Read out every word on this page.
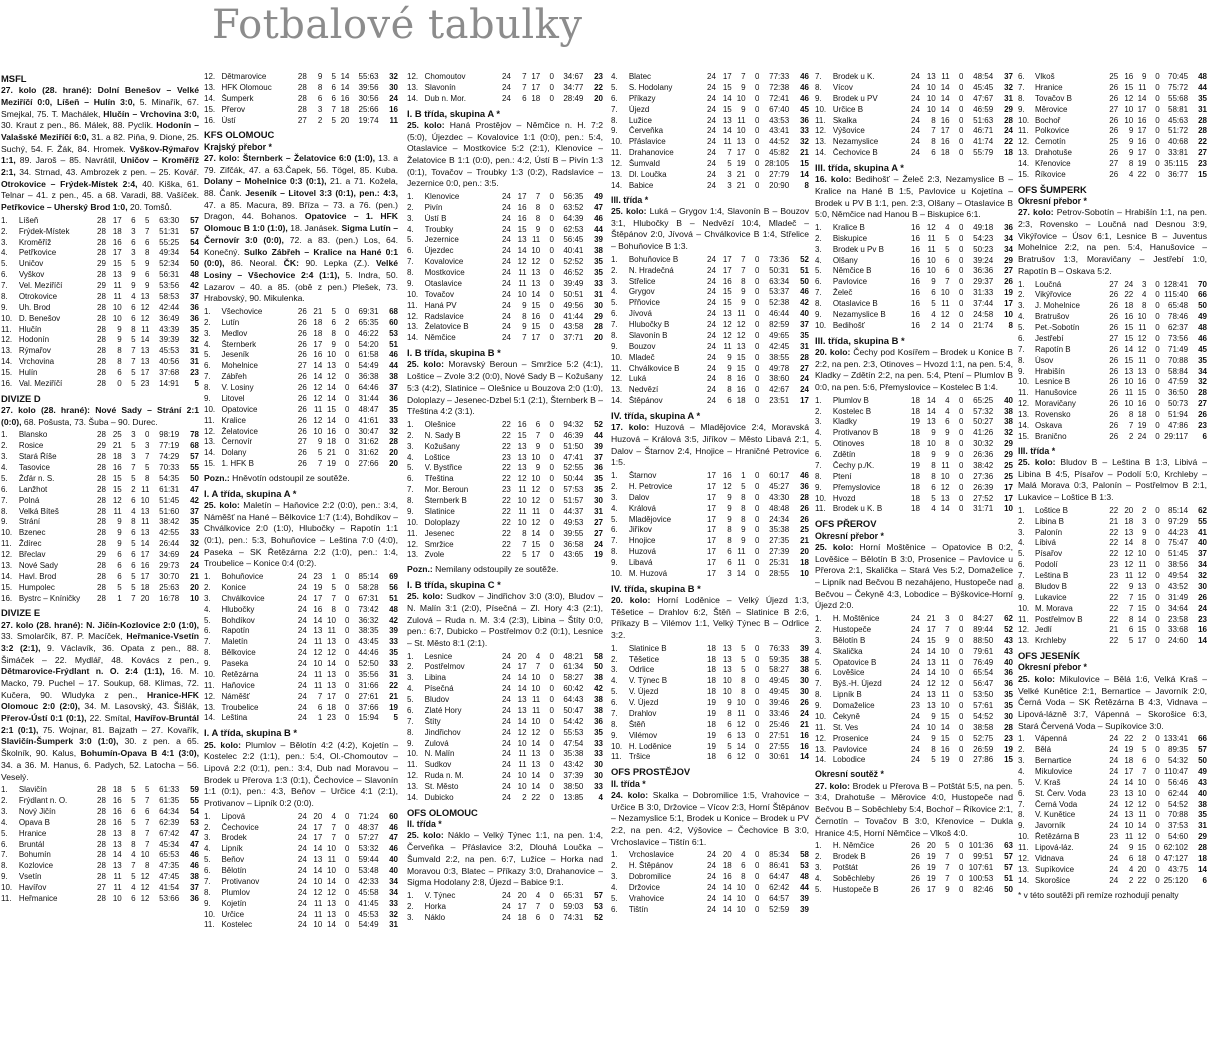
Fotbalové tabulky
MSFL

27. kolo (28. hrané): Dolní Benešov – Velké Meziříčí 0:0, Líšeň – Hulín 3:0, 5. Minařík, 67. Smejkal, 75. T. Machálek, Hlučín – Vrchovina 3:0, 30. Kraut z pen., 86. Málek, 88. Pyclík. Hodonín – Valašské Meziříčí 6:0, 31. a 82. Piňa, 9. Dione, 25. Suchý, 54. F. Žák, 84. Hromek. Vyškov-Rýmařov 1:1, 89. Jaroš – 85. Navrátil, Uničov – Kroměříž 2:1, 34. Strnad, 43. Ambrozek z pen. – 25. Kovář. Otrokovice – Frýdek-Místek 2:4, 40. Kiška, 61. Telnar – 41. z pen., 45. a 68. Varadi, 88. Vašíček. Petřkovice – Uherský Brod 1:0, 20. Tomšů.

1.	Líšeň	28	17	6	5	63:30	57
2.	Frýdek-Místek	28	18	3	7	51:31	57
3.	Kroměříž	28	16	6	6	55:25	54
4.	Petřkovice	28	17	3	8	49:34	54
5.	Uničov	29	15	5	9	52:34	50
6.	Vyškov	28	13	9	6	56:31	48
7.	Vel. Meziříčí	29	11	9	9	53:56	42
8.	Otrokovice	28	11	4	13	58:53	37
9.	Uh. Brod	28	10	6	12	42:44	36
10.	D. Benešov	28	10	6	12	36:49	36
11.	Hlučín	28	9	8	11	43:39	35
12.	Hodonín	28	9	5	14	39:39	32
13.	Rýmařov	28	8	7	13	45:53	31
14.	Vrchovina	28	8	7	13	40:56	31
15.	Hulín	28	6	5	17	37:68	23
16.	Val. Meziříčí	28	0	5	23	14:91	5
DIVIZE D

27. kolo (28. hrané): Nové Sady – Strání 2:1 (0:0), 68. Pošusta, 73. Šuba – 90. Durec.

1.	Blansko	28	25	3	0	98:19	78
2.	Rosice	29	21	5	3	77:19	68
3.	Stará Říše	28	18	3	7	74:29	57
4.	Tasovice	28	16	7	5	70:33	55
5.	Žďár n. S.	28	15	5	8	54:35	50
6.	Lanžhot	28	15	2	11	61:31	47
7.	Polná	28	12	6	10	51:45	42
8.	Velká Bíteš	28	11	4	13	51:60	37
9.	Strání	28	9	8	11	38:42	35
10.	Bzenec	28	9	6	13	42:55	33
11.	Ždírec	28	9	5	14	26:44	32
12.	Břeclav	29	6	6	17	34:69	24
13.	Nové Sady	28	6	6	16	29:73	24
14.	Havl. Brod	28	6	5	17	30:70	21
15.	Humpolec	28	5	5	18	25:63	20
16.	Bystrc – Kníničky	28	1	7	20	16:78	10
DIVIZE E

27. kolo (28. hrané): N. Jičín-Kozlovice 2:0 (1:0), 33. Smolarčík, 87. P. Macíček, Heřmanice-Vsetín 3:2 (2:1), 9. Václavík, 36. Opata z pen., 88. Šimáček – 22. Mydlář, 48. Kovács z pen., Dětmarovice-Frýdlant n. O. 2:4 (1:1), 16. M. Macko, 79. Puchel – 17. Soukup, 68. Klimas, 72. Kučera, 90. Wludyka z pen., Hranice-HFK Olomouc 2:0 (2:0), 34. M. Lasovský, 43. Šišlák, Přerov-Ústí 0:1 (0:1), 22. Smítal, Havířov-Bruntál 2:1 (0:1), 75. Wojnar, 81. Bajzath – 27. Kovařík, Slavičín-Šumperk 3:0 (1:0), 30. z pen. a 65. Školník, 90. Kalus, Bohumín-Opava B 4:1 (3:0), 34. a 36. M. Hanus, 6. Padych, 52. Latocha – 56. Veselý.

1.	Slavičín	28	18	5	5	61:33	59
2.	Frýdlant n. O.	28	16	5	7	61:35	55
3.	Nový Jičín	28	16	6	6	64:34	54
4.	Opava B	28	16	5	7	62:39	53
5.	Hranice	28	13	8	7	67:42	47
6.	Bruntál	28	13	8	7	45:34	47
7.	Bohumín	28	14	4	10	65:53	46
8.	Kozlovice	28	13	7	8	47:35	46
9.	Vsetín	28	11	5	12	47:45	38
10.	Havířov	27	11	4	12	41:54	37
11.	Heřmanice	28	10	6	12	53:66	36
12.	Dětmarovice	28	9	5	14	55:63	32
13.	HFK Olomouc	28	8	6	14	39:56	30
14.	Šumperk	28	6	6	16	30:56	24
15.	Přerov	28	3	7	18	25:66	16
16.	Ústí	27	2	5	20	19:74	11
KFS OLOMOUC
Krajský přebor *

27. kolo: Šternberk – Želatovice 6:0 (1:0), 13. a 79. Zifčák, 47. a 63.Čapek, 56. Tögel, 85. Kuba. Dolany – Mohelnice 0:3 (0:1), 21. a 71. Kožela, 88. Čank. Jeseník – Litovel 3:3 (0:1), pen.: 4:3, 47. a 85. Macura, 89. Bříza – 73. a 76. (pen.) Dragon, 44. Bohanos. Opatovice – 1. HFK Olomouc B 1:0 (1:0), 18. Janásek. Sigma Lutín – Černovír 3:0 (0:0), 72. a 83. (pen.) Los, 64. Konečný. Sulko Zábřeh – Kralice na Hané 0:1 (0:0), 86. Neoral. ČK: 90. Lepka (Z.). Velké Losiny – Všechovice 2:4 (1:1), 5. Indra, 50. Lazarov – 40. a 85. (obě z pen.) Plešek, 73. Hrabovský, 90. Mikulenka.

1.	Všechovice	26	21	5	0	69:31	68
2.	Lutín	26	18	6	2	65:35	60
3.	Medlov	26	18	8	0	46:22	53
4.	Šternberk	26	17	9	0	54:20	51
5.	Jeseník	26	16	10	0	61:58	46
6.	Mohelnice	27	14	13	0	54:49	44
7.	Zábřeh	26	14	12	0	36:38	38
8.	V. Losiny	26	12	14	0	64:46	37
9.	Litovel	26	12	14	0	31:44	36
10.	Opatovice	26	11	15	0	48:47	35
11.	Kralice	26	12	14	0	41:61	33
12.	Želatovice	26	10	16	0	30:47	32
13.	Černovír	27	9	18	0	31:62	28
14.	Dolany	26	5	21	0	31:62	20
15.	1. HFK B	26	7	19	0	27:66	20

Pozn.: Hněvotín odstoupil ze soutěže.

I. A třída, skupina A *

25. kolo: Maletín – Haňovice 2:2 (0:0), pen.: 3:4, Náměšť na Hané – Bělkovice 1:7 (1:4), Bohdíkov – Chválkovice 2:0 (1:0), Hlubočky – Rapotín 1:1 (0:1), pen.: 5:3, Bohuňovice – Leština 7:0 (4:0), Paseka – SK Řetězárna 2:2 (1:0), pen.: 1:4, Troubelice – Konice 0:4 (0:2).

1.	Bohuňovice	24	23	1	0	85:14	69
2.	Konice	24	19	5	0	58:28	56
3.	Chválkovice	24	17	7	0	67:31	51
4.	Hlubočky	24	16	8	0	73:42	48
5.	Bohdíkov	24	14	10	0	36:32	42
6.	Rapotín	24	13	11	0	38:35	39
7.	Maletín	24	11	13	0	43:45	33
8.	Bělkovice	24	12	12	0	44:46	35
9.	Paseka	24	10	14	0	52:50	33
10.	Řetězárna	24	11	13	0	35:56	31
11.	Haňovice	24	11	13	0	31:66	22
12.	Náměšť	24	7	17	0	27:61	21
13.	Troubelice	24	6	18	0	37:66	19
14.	Leština	24	1	23	0	15:94	5
I. A třída, skupina B *

25. kolo: Plumlov – Bělotín 4:2 (4:2), Kojetín – Kostelec 2:2 (1:1), pen.: 5:4, Ol.-Chomoutov – Lipová 2:2 (0:1), pen.: 3:4, Dub nad Moravou – Brodek u Přerova 1:3 (0:1), Čechovice – Slavonín 1:1 (0:1), pen.: 4:3, Beňov – Určice 4:1 (2:1), Protivanov – Lipník 0:2 (0:0).

1.	Lipová	24	20	4	0	71:24	60
2.	Čechovice	24	17	7	0	48:37	46
3.	Brodek	24	17	7	0	57:27	47
4.	Lipník	24	14	10	0	53:32	46
5.	Beňov	24	13	11	0	59:44	40
6.	Bělotín	24	14	10	0	53:48	40
7.	Protivanov	24	10	14	0	42:33	34
8.	Plumlov	24	12	12	0	45:58	34
9.	Kojetín	24	11	13	0	41:45	33
10.	Určice	24	11	13	0	45:53	32
11.	Kostelec	24	10	14	0	54:49	31
12.	Chomoutov	24	7	17	0	34:67	23
13.	Slavonín	24	7	17	0	34:77	22
14.	Dub n. Mor.	24	6	18	0	28:49	20
I. B třída, skupina A *

25. kolo: Haná Prostějov – Němčice n. H. 7:2 (5:0), Újezdec – Kovalovice 1:1 (0:0), pen.: 5:4, Otaslavice – Mostkovice 5:2 (2:1), Klenovice – Želatovice B 1:1 (0:0), pen.: 4:2, Ústí B – Pivín 1:3 (0:1), Tovačov – Troubky 1:3 (0:2), Radslavice – Jezernice 0:0, pen.: 3:5.

1.	Klenovice	24	17	7	0	56:35	49
2.	Pivín	24	16	8	0	63:52	47
3.	Ústí B	24	16	8	0	64:39	46
4.	Troubky	24	15	9	0	62:53	44
5.	Jezernice	24	13	11	0	56:45	39
6.	Újezdec	24	14	10	0	40:41	38
7.	Kovalovice	24	12	12	0	52:52	35
8.	Mostkovice	24	11	13	0	46:52	35
9.	Otaslavice	24	11	13	0	39:49	33
10.	Tovačov	24	10	14	0	50:51	31
11.	Haná PV	24	9	15	0	49:56	30
12.	Radslavice	24	8	16	0	41:44	29
13.	Želatovice B	24	9	15	0	43:58	28
14.	Němčice	24	7	17	0	37:71	20
I. B třída, skupina B *

25. kolo: Moravský Beroun – Smržice 5:2 (4:1), Loštice – Zvole 3:2 (0:0), Nové Sady B – Kožušany 5:3 (4:2), Slatinice – Olešnice u Bouzova 2:0 (1:0), Doloplazy – Jesenec-Dzbel 5:1 (2:1), Šternberk B – Třeština 4:2 (3:1).

1.	Olešnice	22	16	6	0	94:32	52
2.	N. Sady B	22	15	7	0	46:39	44
3.	Kožušany	22	13	9	0	51:50	39
4.	Loštice	23	13	10	0	47:41	37
5.	V. Bystřice	22	13	9	0	52:55	36
6.	Třeština	22	12	10	0	50:44	35
7.	Mor. Beroun	23	11	12	0	57:53	35
8.	Šternberk B	22	10	12	0	51:57	30
9.	Slatinice	22	11	11	0	44:37	31
10.	Doloplazy	22	10	12	0	49:53	27
11.	Jesenec	22	8	14	0	39:55	27
12.	Smržice	22	7	15	0	36:58	24
13.	Zvole	22	5	17	0	43:65	19

Pozn.: Nemilany odstoupily ze soutěže.

I. B třída, skupina C *

25. kolo: Sudkov – Jindřichov 3:0 (3:0), Bludov – N. Malín 3:1 (2:0), Písečná – Zl. Hory 4:3 (2:1), Zulová – Ruda n. M. 3:4 (2:3), Libina – Štíty 0:0, pen.: 6:7, Dubicko – Postřelmov 0:2 (0:1), Lesnice – St. Město 8:1 (2:1).

1.	Lesnice	24	20	4	0	48:21	58
2.	Postřelmov	24	17	7	0	61:34	50
3.	Libina	24	14	10	0	58:27	38
4.	Písečná	24	14	10	0	60:42	42
5.	Bludov	24	13	11	0	64:43	38
6.	Zlaté Hory	24	13	11	0	50:47	38
7.	Štíty	24	14	10	0	54:42	36
8.	Jindřichov	24	12	12	0	55:53	35
9.	Zulová	24	10	14	0	47:54	33
10.	N. Malín	24	11	13	0	35:38	33
11.	Sudkov	24	11	13	0	43:42	30
12.	Ruda n. M.	24	10	14	0	37:39	30
13.	St. Město	24	10	14	0	38:50	33
14.	Dubicko	24	2	22	0	13:85	4
OFS OLOMOUC
II. třída *

25. kolo: Náklo – Velký Týnec 1:1, na pen. 1:4, Červeňka – Přáslavice 3:2, Dlouhá Loučka – Šumvald 2:2, na pen. 6:7, Lužice – Horka nad Moravou 0:3, Blatec – Příkazy 3:0, Drahanovice – Sigma Hodolany 2:8, Újezd – Babice 9:1.

1.	V. Týnec	24	20	4	0	65:31	57
2.	Horka	24	17	7	0	59:03	53
3.	Náklo	24	18	6	0	74:31	52
4.	Blatec	24	17	7	0	77:33	46
5.	S. Hodolany	24	15	9	0	72:38	46
6.	Příkazy	24	14	10	0	72:41	46
7.	Újezd	24	15	9	0	67:40	45
8.	Lužice	24	13	11	0	43:53	36
9.	Červeňka	24	14	10	0	43:41	33
10.	Přáslavice	24	11	13	0	44:52	32
11.	Drahanovice	24	7	17	0	45:82	21
12.	Šumvald	24	5	19	0	28:105	15
13.	Dl. Loučka	24	3	21	0	27:79	14
14.	Babice	24	3	21	0	20:90	8
III. třída *

25. kolo: Luká – Grygov 1:4, Slavonín B – Bouzov 3:1, Hlubočky B – Nedvězí 10:4, Mladeč – Štěpánov 2:0, Jívová – Chválkovice B 1:4, Střelice – Bohuňovice B 1:3.

1.	Bohuňovice B	24	17	7	0	73:36	52
2.	N. Hradečná	24	17	7	0	50:31	51
3.	Střelice	24	16	8	0	63:34	50
4.	Grygov	24	15	9	0	53:37	46
5.	Přňovice	24	15	9	0	52:38	42
6.	Jívová	24	13	11	0	46:44	40
7.	Hlubočky B	24	12	12	0	82:59	37
8.	Slavonín B	24	12	12	0	49:65	35
9.	Bouzov	24	11	13	0	42:45	31
10.	Mladeč	24	9	15	0	38:55	28
11.	Chválkovice B	24	9	15	0	49:78	27
12.	Luká	24	8	16	0	38:60	24
13.	Nedvězí	24	8	16	0	42:67	24
14.	Štěpánov	24	6	18	0	23:51	17
IV. třída, skupina A *

17. kolo: Huzová – Mladějovice 2:4, Moravská Huzová – Králová 3:5, Jiříkov – Město Libavá 2:1, Dalov – Štarnov 2:4, Hnojice – Hraničné Petrovice 1:5.

1.	Štarnov	17	16	1	0	60:17	46
2.	H. Petrovice	17	12	5	0	45:27	36
3.	Dalov	17	9	8	0	43:30	28
4.	Králová	17	9	8	0	48:48	26
5.	Mladějovice	17	9	8	0	24:34	26
6.	Jiříkov	17	8	9	0	35:38	25
7.	Hnojice	17	8	9	0	27:35	21
8.	Huzová	17	6	11	0	27:39	20
9.	Libavá	17	6	11	0	25:31	18
10.	M. Huzová	17	3	14	0	28:55	10
IV. třída, skupina B *

20. kolo: Horní Loděnice – Velký Újezd 1:3, Těšetice – Drahlov 6:2, Štěň – Slatinice B 2:6, Příkazy B – Vilémov 1:1, Velký Týnec B – Odrlice 3:2.

1.	Slatinice B	18	13	5	0	76:33	39
2.	Těšetice	18	13	5	0	59:35	38
3.	Odrlice	18	13	5	0	58:27	38
4.	V. Týnec B	18	10	8	0	49:45	30
5.	V. Újezd	18	10	8	0	49:45	30
6.	V. Újezd	19	9	10	0	39:46	26
7.	Drahlov	19	8	11	0	33:46	24
8.	Štěň	18	6	12	0	25:46	21
9.	Vilémov	19	6	13	0	27:51	16
10.	H. Loděnice	19	5	14	0	27:55	16
11.	Tršice	18	6	12	0	30:61	14
OFS PROSTĚJOV
II. třída *

24. kolo: Skalka – Dobromilice 1:5, Vrahovice – Určice B 3:0, Držovice – Vícov 2:3, Horní Štěpánov – Nezamyslice 5:1, Brodek u Konice – Brodek u PV 2:2, na pen. 4:2, Výšovice – Čechovice B 3:0, Vrchoslavice – Tištín 6:1.

1.	Vrchoslavice	24	20	4	0	85:34	58
2.	H. Štěpánov	24	18	6	0	86:41	53
3.	Dobromilice	24	16	8	0	64:47	48
4.	Držovice	24	14	10	0	62:42	44
5.	Vrahovice	24	14	10	0	64:57	39
6.	Tištín	24	14	10	0	52:59	39
7.	Brodek u K.	24	13	11	0	48:54	37
8.	Vícov	24	10	14	0	45:45	32
9.	Brodek u PV	24	10	14	0	47:67	31
10.	Určice B	24	10	14	0	46:59	29
11.	Skalka	24	8	16	0	51:63	28
12.	Výšovice	24	7	17	0	46:71	24
13.	Nezamyslice	24	8	16	0	41:74	22
14.	Čechovice B	24	6	18	0	55:79	18
III. třída, skupina A *

16. kolo: Bedihošť – Želeč 2:3, Nezamyslice B – Kralice na Hané B 1:5, Pavlovice u Kojetína – Brodek u PV B 1:1, pen. 2:3, Olšany – Otaslavice B 5:0, Němčice nad Hanou B – Biskupice 6:1.

1.	Kralice B	16	12	4	0	49:18	36
2.	Biskupice	16	11	5	0	54:23	34
3.	Brodek u Pv B	16	11	5	0	50:23	34
4.	Olšany	16	10	6	0	39:24	29
5.	Němčice B	16	10	6	0	36:36	27
6.	Pavlovice	16	9	7	0	29:37	26
7.	Želeč	16	6	10	0	31:33	19
8.	Otaslavice B	16	5	11	0	37:44	17
9.	Nezamyslice B	16	4	12	0	24:58	10
10.	Bedihošť	16	2	14	0	21:74	8
III. třída, skupina B *

20. kolo: Čechy pod Kosířem – Brodek u Konice B 2:2, na pen. 2:3, Otinoves – Hvozd 1:1, na pen. 5:4, Kladky – Zdětín 2:2, na pen. 5:4, Ptení – Plumlov B 0:0, na pen. 5:6, Přemyslovice – Kostelec B 1:4.

1.	Plumlov B	18	14	4	0	65:25	40
2.	Kostelec B	18	14	4	0	57:32	38
3.	Kladky	19	13	6	0	50:27	38
4.	Protivanov B	18	9	9	0	41:26	32
5.	Otinoves	18	10	8	0	30:32	29
6.	Zdětín	18	9	9	0	26:36	29
7.	Čechy p./K.	19	8	11	0	38:42	25
8.	Ptení	18	8	10	0	27:36	25
9.	Přemyslovice	18	6	12	0	26:39	17
10.	Hvozd	18	5	13	0	27:52	17
11.	Brodek u K. B	18	4	14	0	31:71	10
OFS PŘEROV
Okresní přebor *

25. kolo: Horní Moštěnice – Opatovice B 0:2, Lověšice – Bělotín B 3:0, Prosenice – Pavlovice u Přerova 2:1, Skalička – Stará Ves 5:2, Domaželice – Lipník nad Bečvou B nezahájeno, Hustopeče nad Bečvou – Čekyně 4:3, Lobodice – Býškovice-Horní Újezd 2:0.

1.	H. Moštěnice	24	21	3	0	84:27	62
2.	Hustopeče	24	17	7	0	89:44	52
3.	Bělotín B	24	15	9	0	88:50	43
4.	Skalička	24	14	10	0	79:61	43
5.	Opatovice B	24	13	11	0	76:49	40
6.	Lověšice	24	14	10	0	65:54	36
7.	Býš.-H. Újezd	24	12	12	0	56:47	36
8.	Lipník B	24	13	11	0	53:50	35
9.	Domaželice	23	13	10	0	57:61	35
10.	Čekyně	24	9	15	0	54:52	30
11.	St. Ves	24	10	14	0	38:58	28
12.	Prosenice	24	9	15	0	52:75	23
13.	Pavlovice	24	8	16	0	26:59	19
14.	Lobodice	24	5	19	0	27:86	15
Okresní soutěž *

27. kolo: Brodek u Přerova B – Potštát 5:5, na pen. 3:4, Drahotuše – Měrovice 4:0, Hustopeče nad Bečvou B – Soběchleby 5:4, Bochoř – Říkovice 2:1, Černotín – Tovačov B 3:0, Křenovice – Dukla Hranice 4:5, Horní Němčice – Vlkoš 4:0.

1.	H. Němčice	26	20	5	0	101:36	63
2.	Brodek B	26	19	7	0	99:51	57
3.	Potštát	26	19	7	0	107:61	57
4.	Soběchleby	26	19	7	0	100:53	51
5.	Hustopeče B	26	17	9	0	82:46	50
6.	Vlkoš	25	16	9	0	70:45	48
7.	Hranice	26	15	11	0	75:72	44
8.	Tovačov B	26	12	14	0	55:68	35
9.	Měrovice	27	10	17	0	58:81	31
10.	Bochoř	26	10	16	0	45:63	28
11.	Polkovice	26	9	17	0	51:72	28
12.	Černotín	25	9	16	0	40:68	22
13.	Drahotuše	26	9	17	0	33:81	27
14.	Křenovice	27	8	19	0	35:115	23
15.	Říkovice	26	4	22	0	36:77	15
OFS ŠUMPERK
Okresní přebor *

27. kolo: Petrov-Sobotín – Hrabišín 1:1, na pen. 2:3, Rovensko – Loučná nad Desnou 3:9, Vikýřovice – Úsov 6:1, Lesnice B – Juventus Mohelnice 2:2, na pen. 5:4, Hanušovice – Bratrušov 1:3, Moravičany – Jestřebí 1:0, Rapotín B – Oskava 5:2.

1.	Loučná	27	24	3	0	128:41	70
2.	Vikýřovice	26	22	4	0	115:40	66
3.	J. Mohelnice	26	18	8	0	65:48	50
4.	Bratrušov	26	16	10	0	78:46	49
5.	Pet.-Sobotín	26	15	11	0	62:37	48
6.	Jestřebí	27	15	12	0	73:56	46
7.	Rapotín B	26	14	12	0	71:49	45
8.	Úsov	26	15	11	0	70:88	35
9.	Hrabišín	26	13	13	0	58:84	34
10.	Lesnice B	26	10	16	0	47:59	32
11.	Hanušovice	26	11	15	0	36:50	28
12.	Moravičany	26	10	16	0	50:73	27
13.	Rovensko	26	8	18	0	51:94	26
14.	Oskava	26	7	19	0	47:86	23
15.	Branično	26	2	24	0	29:117	6
III. třída *

25. kolo: Bludov B – Leština B 1:3, Libivá – Libina B 4:5, Písařov – Podolí 5:0, Krchleby – Malá Morava 0:3, Palonín – Postřelmov B 2:1, Lukavice – Loštice B 1:3.

1.	Loštice B	22	20	2	0	85:14	62
2.	Libina B	21	18	3	0	97:29	55
3.	Palonín	22	13	9	0	44:23	41
4.	Libivá	22	14	8	0	75:47	40
5.	Písařov	22	12	10	0	51:45	37
6.	Podolí	23	12	11	0	38:56	34
7.	Leština B	23	11	12	0	49:54	32
8.	Bludov B	22	9	13	0	43:52	30
9.	Lukavice	22	7	15	0	31:49	26
10.	M. Morava	22	7	15	0	34:64	24
11.	Postřelmov B	22	8	14	0	23:58	23
12.	Jedlí	21	6	15	0	33:68	16
13.	Krchleby	22	5	17	0	24:60	14
OFS JESENÍK
Okresní přebor *

25. kolo: Mikulovice – Bělá 1:6, Velká Kraš – Velké Kunětice 2:1, Bernartice – Javorník 2:0, Černá Voda – SK Řetězárna B 4:3, Vidnava – Lipová-lázně 3:7, Vápenná – Skorošice 6:3, Stará Červená Voda – Supíkovice 3:0.

1.	Vápenná	24	22	2	0	133:41	66
2.	Bělá	24	19	5	0	89:35	57
3.	Bernartice	24	18	6	0	54:32	50
4.	Mikulovice	24	17	7	0	110:47	49
5.	V. Kraš	24	14	10	0	56:46	43
6.	St. Červ. Voda	23	13	10	0	62:44	40
7.	Černá Voda	24	12	12	0	54:52	38
8.	V. Kunětice	24	13	11	0	70:88	35
9.	Javorník	24	10	14	0	37:53	31
10.	Řetězárna B	23	11	12	0	54:60	29
11.	Lipová-láz.	24	9	15	0	62:102	28
12.	Vidnava	24	6	18	0	47:127	18
13.	Supíkovice	24	4	20	0	43:75	14
14.	Skorošice	24	2	22	0	25:120	6

* v této soutěži při remíze rozhodují penalty
